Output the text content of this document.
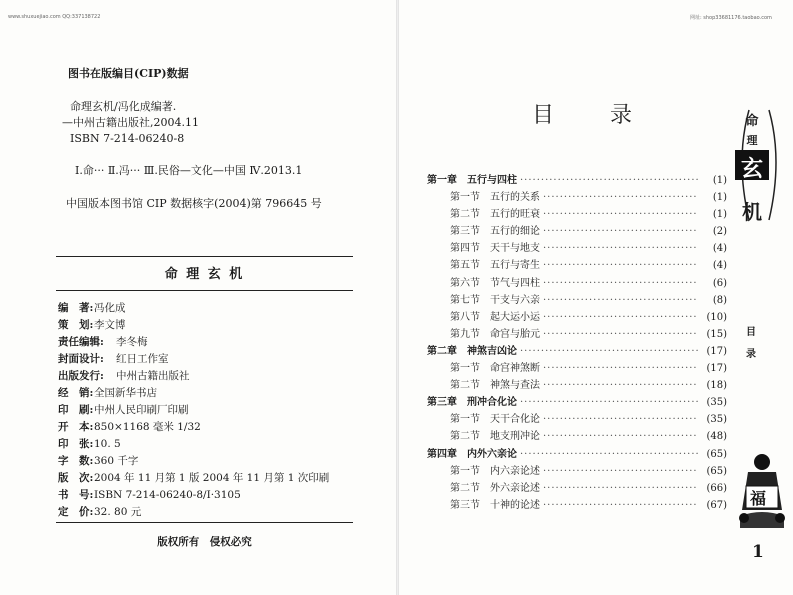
www.shuxuejiao.com QQ:337138722	网址: shop33681176.taobao.com
图书在版编目(CIP)数据
命理玄机/冯化成编著.
—中州古籍出版社,2004.11
ISBN 7-214-06240-8
Ⅰ.命··· Ⅱ.冯··· Ⅲ.民俗—文化—中国 Ⅳ.2013.1
中国版本图书馆 CIP 数据核字(2004)第 796645 号
命 理 玄 机
编　著:冯化成
策　划:李文博
责任编辑: 李冬梅
封面设计: 红日工作室
出版发行: 中州古籍出版社
经　销:全国新华书店
印　刷:中州人民印刷厂印刷
开　本:850×1168 毫米 1/32
印　张:10. 5
字　数:360 千字
版　次:2004 年 11 月第 1 版 2004 年 11 月第 1 次印刷
书　号:ISBN 7-214-06240-8/I·3105
定　价:32. 80 元
版权所有　侵权必究
目　　录
第一章　五行与四柱 ·····	(1)
第一节　五行的关系 ·····	(1)
第二节　五行的旺衰 ·····	(1)
第三节　五行的细论 ·····	(2)
第四节　天干与地支 ·····	(4)
第五节　五行与寄生 ·····	(4)
第六节　节气与四柱 ·····	(6)
第七节　干支与六亲 ·····	(8)
第八节　起大运小运 ·····	(10)
第九节　命宫与胎元 ·····	(15)
第二章　神煞吉凶论 ·····	(17)
第一节　命宫神煞断 ·····	(17)
第二节　神煞与查法 ·····	(18)
第三章　刑冲合化论 ·····	(35)
第一节　天干合化论 ·····	(35)
第二节　地支刑冲论 ·····	(48)
第四章　内外六亲论 ·····	(65)
第一节　内六亲论述 ·····	(65)
第二节　外六亲论述 ·····	(66)
第三节　十神的论述 ·····	(67)
命
理
玄
机
目
录
福
1
